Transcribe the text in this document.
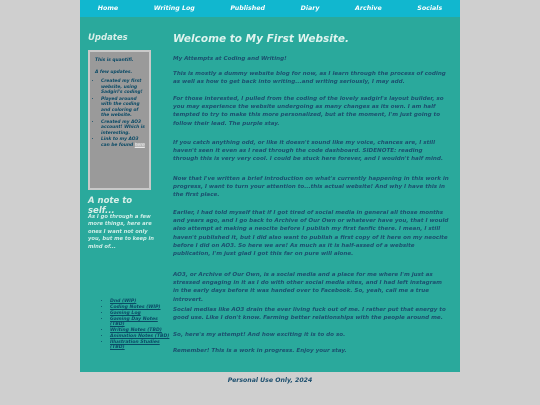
Home	Writing Log	Published	Diary	Archive	Socials
Updates

This is quantifi.

A few updates.

• Created my first website, using Sadgirl's coding!
• Played around with the coding and coloring of the website.
• Created my AO3 account! Which is interesting.
• Link to my AO3 can be found here
A note to self...

As I go through a few more things, here are ones I want not only you, but me to keep in mind of...

• Dnd (WIP)
• Coding Notes (WIP)
• Gaming Log
• Gaming Day Notes (TBD)
• Writing Notes (TBD)
• Animation Notes (TBD)
• Illustration Studies (TBD)
Welcome to My First Website.

My Attempts at Coding and Writing!

This is mostly a dummy website blog for now, as I learn through the process of coding as well as how to get back into writing...and writing seriously, I may add.

For those interested, I pulled from the coding of the lovely sadgirl's layout builder, so you may experience the website undergoing as many changes as its own. I am half tempted to try to make this more personalized, but at the moment, I'm just going to follow their lead. The purple stay.

If you catch anything odd, or like it doesn't sound like my voice, chances are, I still haven't seen it even as I read through the code dashboard. SIDENOTE: reading through this is very very cool. I could be stuck here forever, and I wouldn't half mind.

Now that I've written a brief introduction on what's currently happening in this work in progress, I want to turn your attention to...this actual website! And why I have this in the first place.

Earlier, I had told myself that if I got tired of social media in general all those months and years ago, and I go back to Archive of Our Own or whatever have you, that I would also attempt at making a neocite before I publish my first fanfic there. I mean, I still haven't published it, but I did also want to publish a first copy of it here on my neocite before I did on AO3. So here we are! As much as it is half-assed of a website publication, I'm just glad I got this far on pure will alone.

AO3, or Archive of Our Own, is a social media and a place for me where I'm just as stressed engaging in it as I do with other social media sites, and I had left instagram in the early days before it was handed over to Facebook. So, yeah, call me a true introvert.

Social medias like AO3 drain the ever living fuck out of me. I rather put that energy to good use. Like I don't know. Farming better relationships with the people around me.

So, here's my attempt! And how exciting it is to do so.

Remember! This is a work in progress. Enjoy your stay.

Personal Use Only, 2024
